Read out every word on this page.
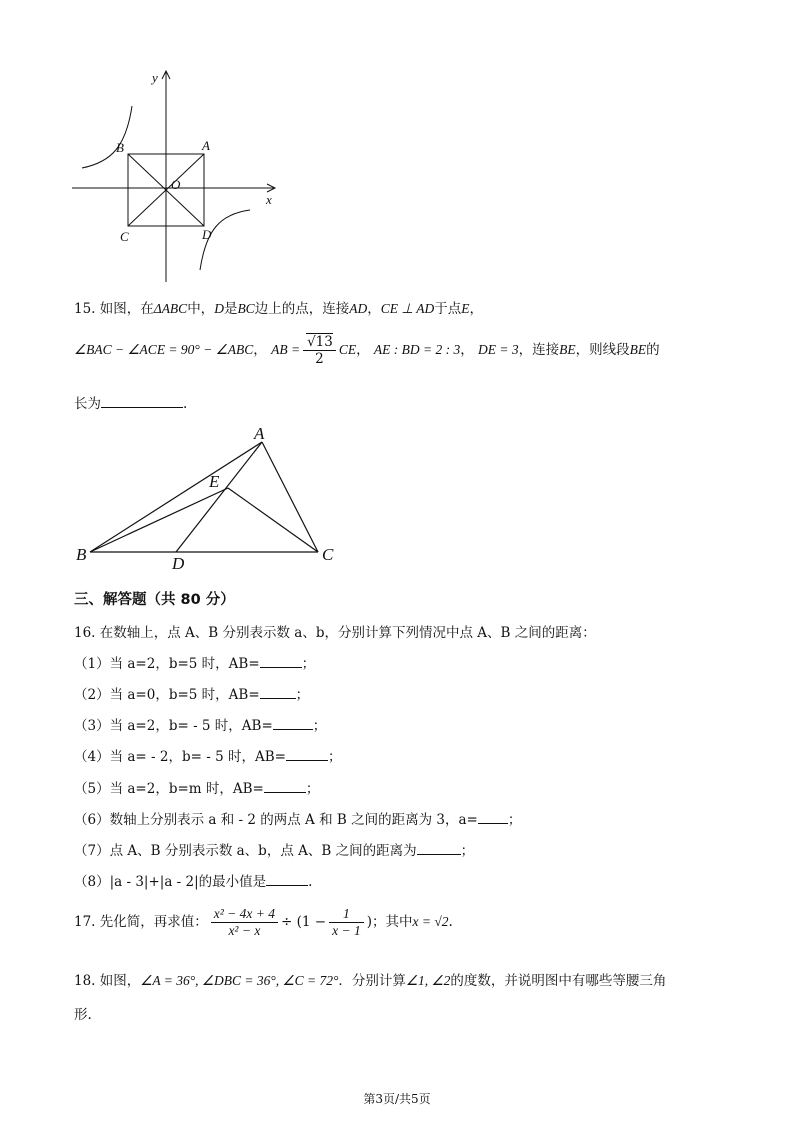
y
x
O
A
B
C	D
15. 如图，在ΔABC中，D是BC边上的点，连接AD，CE ⊥ AD于点E，
∠BAC − ∠ACE = 90° − ∠ABC， AB = $\frac{√13}{2}$ CE， AE : BD = 2 : 3， DE = 3，连接BE，则线段BE的
长为	.
A
E
B	D	C
三、解答题（共 80 分）
16. 在数轴上，点 A、B 分别表示数 a、b，分别计算下列情况中点 A、B 之间的距离：
（1）当 a=2，b=5 时，AB=	；
（2）当 a=0，b=5 时，AB=	；
（3）当 a=2，b= - 5 时，AB=	；
（4）当 a= - 2，b= - 5 时，AB=	；
（5）当 a=2，b=m 时，AB=	；
（6）数轴上分别表示 a 和 - 2 的两点 A 和 B 之间的距离为 3，a= ；
（7）点 A、B 分别表示数 a、b，点 A、B 之间的距离为	；
（8）|a - 3|+|a - 2|的最小值是	.
17. 先化简，再求值： $\frac{\text{x² − 4x + 4}}{\text{x² − x}} \div (1 - \frac{1}{x - 1}$ )；其中x = √2.
18. 如图，∠A = 36°, ∠DBC = 36°, ∠C = 72°．分别计算∠1, ∠2的度数，并说明图中有哪些等腰三角
形.
第3页/共5页
